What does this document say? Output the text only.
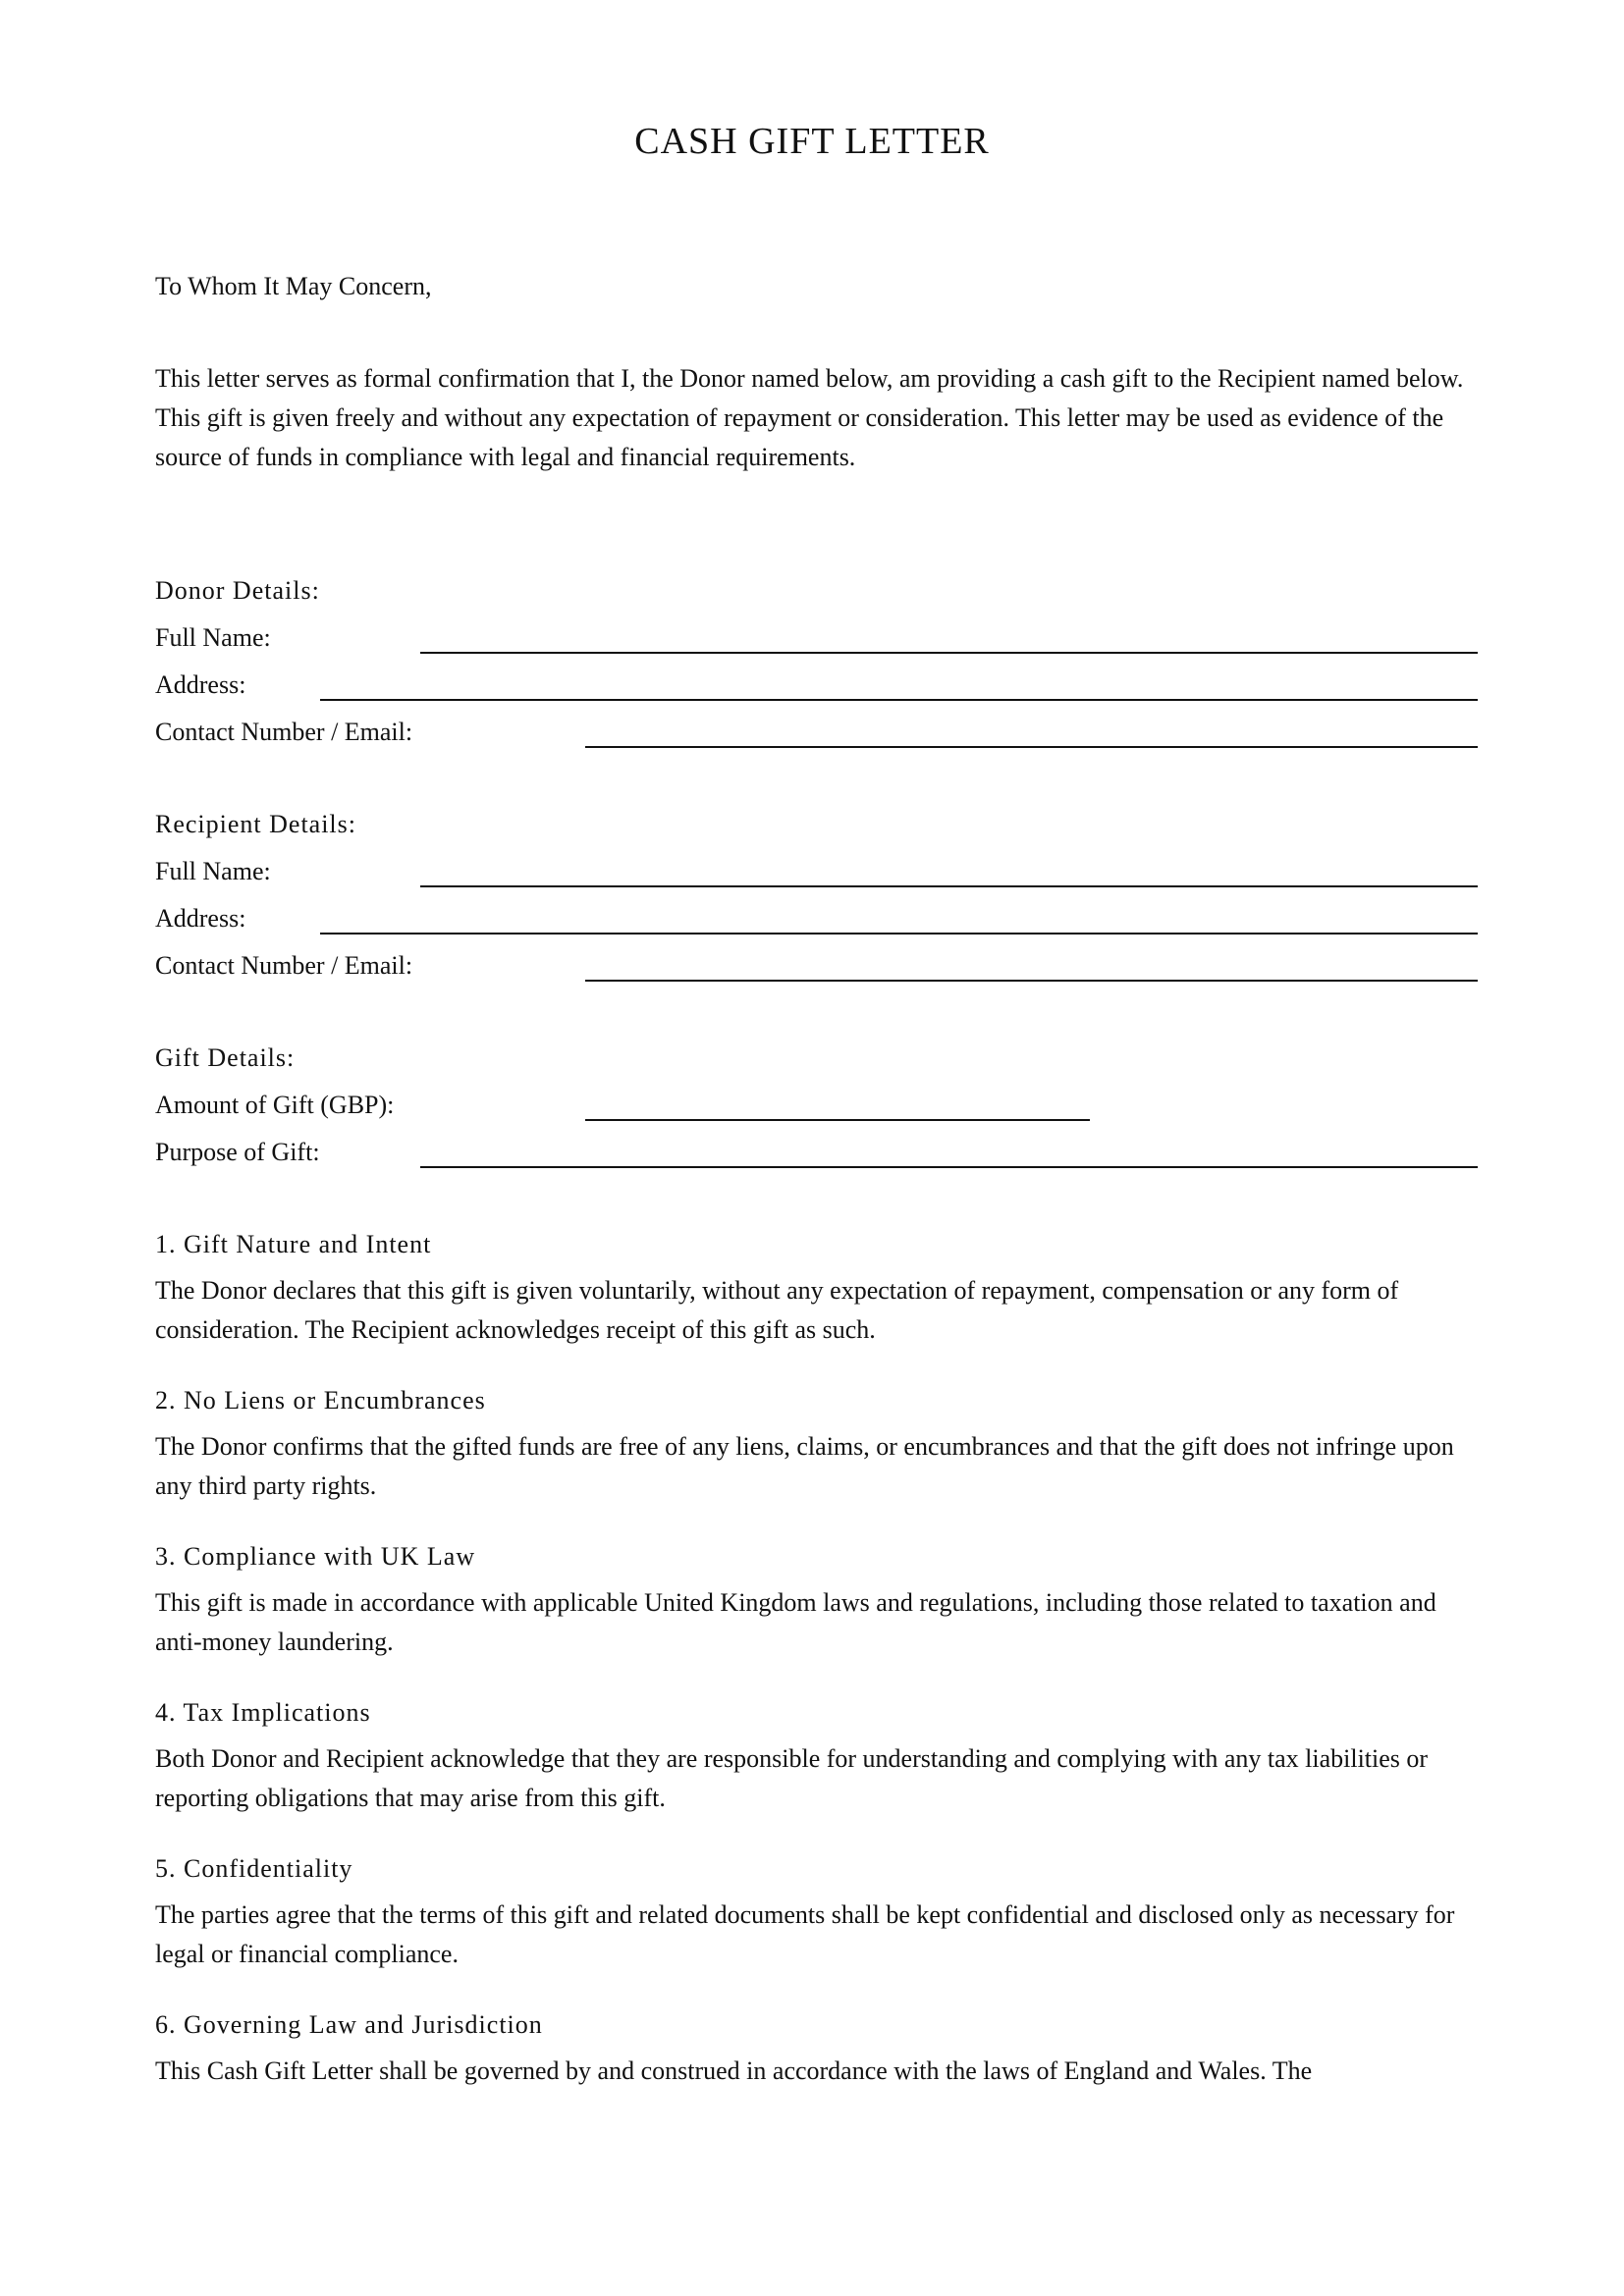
CASH GIFT LETTER
To Whom It May Concern,
This letter serves as formal confirmation that I, the Donor named below, am providing a cash gift to the Recipient named below. This gift is given freely and without any expectation of repayment or consideration. This letter may be used as evidence of the source of funds in compliance with legal and financial requirements.
Donor Details:
Full Name:
Address:
Contact Number / Email:
Recipient Details:
Full Name:
Address:
Contact Number / Email:
Gift Details:
Amount of Gift (GBP):
Purpose of Gift:
1. Gift Nature and Intent
The Donor declares that this gift is given voluntarily, without any expectation of repayment, compensation or any form of consideration. The Recipient acknowledges receipt of this gift as such.
2. No Liens or Encumbrances
The Donor confirms that the gifted funds are free of any liens, claims, or encumbrances and that the gift does not infringe upon any third party rights.
3. Compliance with UK Law
This gift is made in accordance with applicable United Kingdom laws and regulations, including those related to taxation and anti-money laundering.
4. Tax Implications
Both Donor and Recipient acknowledge that they are responsible for understanding and complying with any tax liabilities or reporting obligations that may arise from this gift.
5. Confidentiality
The parties agree that the terms of this gift and related documents shall be kept confidential and disclosed only as necessary for legal or financial compliance.
6. Governing Law and Jurisdiction
This Cash Gift Letter shall be governed by and construed in accordance with the laws of England and Wales. The
